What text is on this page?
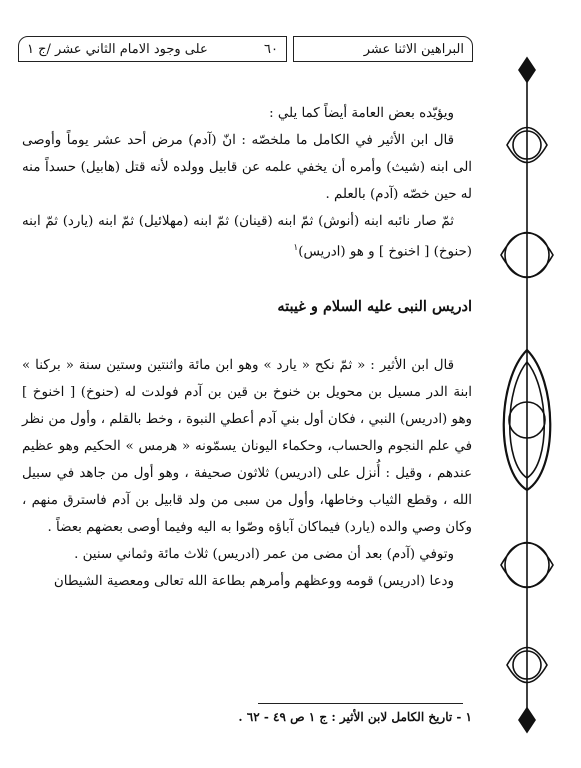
البراهين الاثنا عشر
٦٠
على وجود الامام الثاني عشر /ج ١

ويؤيّده بعض العامة أيضاً كما يلي :

قال ابن الأثير في الكامل ما ملخصّه : انّ (آدم) مرض أحد عشر يوماً وأوصى الى ابنه (شيث) وأمره أن يخفي علمه عن قابيل وولده لأنه قتل (هابيل) حسداً منه له حين خصّه (آدم) بالعلم .

ثمّ صار نائبه ابنه (أنوش) ثمّ ابنه (قينان) ثمّ ابنه (مهلائيل) ثمّ ابنه (يارد) ثمّ ابنه (حنوخ) [ اخنوخ ] و هو (ادريس)$^١$

ادريس النبى عليه السلام و غيبته

قال ابن الأثير : « ثمّ نكح « يارد » وهو ابن مائة واثنتين وستين سنة « بركنا » ابنة الدر مسيل بن محويل بن خنوخ بن قين بن آدم فولدت له (حنوخ) [ اخنوخ ] وهو (ادريس) النبي ، فكان أول بني آدم أعطي النبوة ، وخط بالقلم ، وأول من نظر في علم النجوم والحساب، وحكماء اليونان يسمّونه « هرمس » الحكيم وهو عظيم عندهم ، وقيل : أُنزل على (ادريس) ثلاثون صحيفة ، وهو أول من جاهد في سبيل الله ، وقطع الثياب وخاطها، وأول من سبى من ولد قابيل بن آدم فاسترق منهم ، وكان وصي والده (يارد) فيماكان آباؤه وصّوا به اليه وفيما أوصى بعضهم بعضاً .

وتوفي (آدم) بعد أن مضى من عمر (ادريس) ثلاث مائة وثماني سنين .

ودعا (ادريس) قومه ووعظهم وأمرهم بطاعة الله تعالى ومعصية الشيطان

١ - تاريخ الكامل لابن الأثير : ج ١ ص ٤٩ - ٦٢ .
